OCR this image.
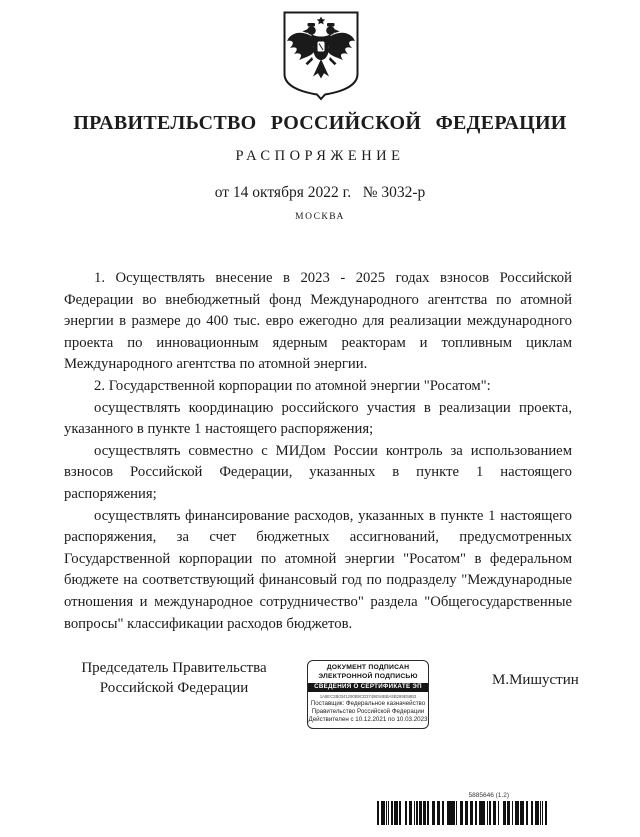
ПРАВИТЕЛЬСТВО РОССИЙСКОЙ ФЕДЕРАЦИИ
РАСПОРЯЖЕНИЕ
от 14 октября 2022 г.   № 3032-р
МОСКВА

1. Осуществлять внесение в 2023 - 2025 годах взносов Российской Федерации во внебюджетный фонд Международного агентства по атомной энергии в размере до 400 тыс. евро ежегодно для реализации международного проекта по инновационным ядерным реакторам и топливным циклам Международного агентства по атомной энергии.

2. Государственной корпорации по атомной энергии "Росатом":

осуществлять координацию российского участия в реализации проекта, указанного в пункте 1 настоящего распоряжения;

осуществлять совместно с МИДом России контроль за использованием взносов Российской Федерации, указанных в пункте 1 настоящего распоряжения;

осуществлять финансирование расходов, указанных в пункте 1 настоящего распоряжения, за счет бюджетных ассигнований, предусмотренных Государственной корпорации по атомной энергии "Росатом" в федеральном бюджете на соответствующий финансовый год по подразделу "Международные отношения и международное сотрудничество" раздела "Общегосударственные вопросы" классификации расходов бюджетов.

Председатель Правительства
Российской Федерации
ДОКУМЕНТ ПОДПИСАН
ЭЛЕКТРОННОЙ ПОДПИСЬЮ
СВЕДЕНИЯ О СЕРТИФИКАТЕ ЭП
1A8EC2B0341290B9CD3749E94BBA5B299E58B3
Поставщик: Федеральное казначейство
Правительство Российской Федерации
Действителен с 10.12.2021 по 10.03.2023
М.Мишустин
5885646 (1.2)
